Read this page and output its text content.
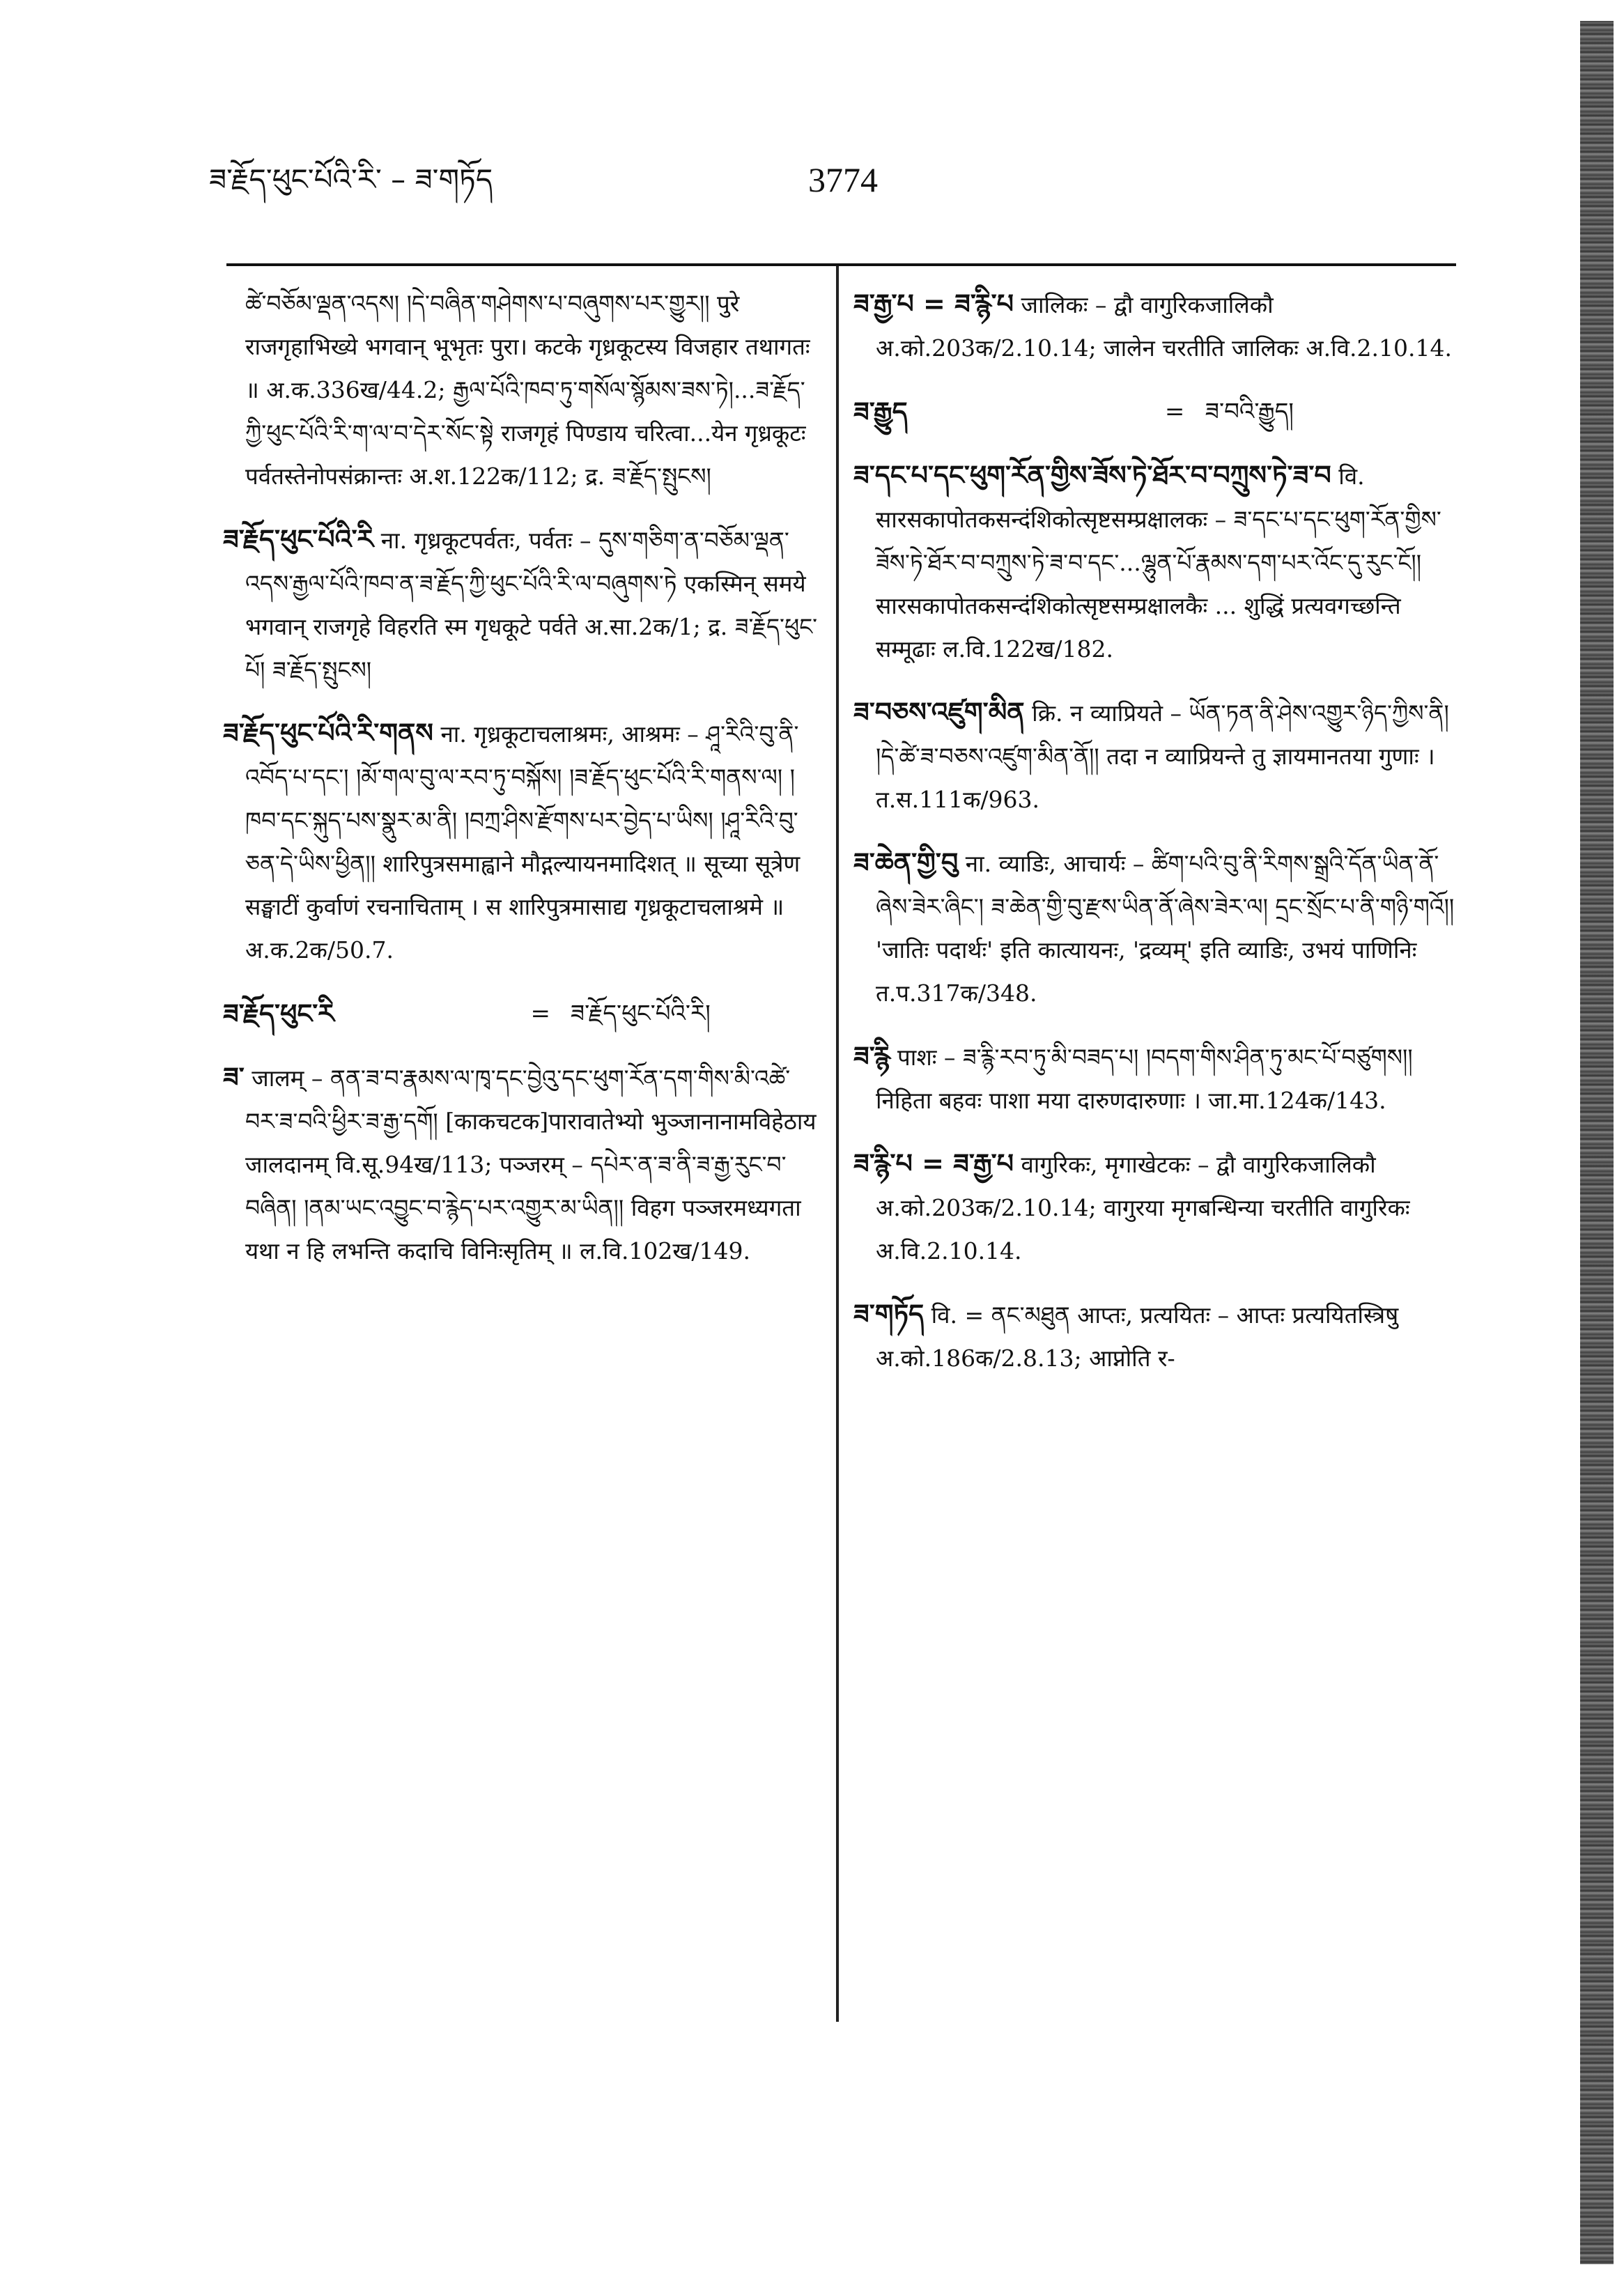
ཟ་རྗོད་ཕུང་པོའི་རི་ – ཟ་གཏོད	3774

ཚེ་བཅོམ་ལྡན་འདས། །དེ་བཞིན་གཤེགས་པ་བཞུགས་པར་གྱུར།། पुरे राजगृहाभिख्ये भगवान् भूभृतः पुरा। कटके गृध्रकूटस्य विजहार तथागतः ॥ अ.क.336ख/44.2; རྒྱལ་པོའི་ཁབ་ཏུ་གསོལ་སྙོམས་ཟས་ཏེ།...ཟ་རྗོད་ཀྱི་ཕུང་པོའི་རི་ག་ལ་བ་དེར་སོང་སྟེ राजगृहं पिण्डाय चरित्वा...येन गृध्रकूटः पर्वतस्तेनोपसंक्रान्तः अ.श.122क/112; द्र. ཟ་རྗོད་སྤུངས།

ཟ་རྗོད་ཕུང་པོའི་རི ना. गृध्रकूटपर्वतः, पर्वतः – དུས་གཅིག་ན་བཅོམ་ལྡན་འདས་རྒྱལ་པོའི་ཁབ་ན་ཟ་རྗོད་ཀྱི་ཕུང་པོའི་རི་ལ་བཞུགས་ཏེ एकस्मिन् समये भगवान् राजगृहे विहरति स्म गृधकूटे पर्वते अ.सा.2क/1; द्र. ཟ་རྗོད་ཕུང་པོ། ཟ་རྗོད་སྤུངས།

ཟ་རྗོད་ཕུང་པོའི་རི་གནས ना. गृध्रकूटाचलाश्रमः, आश्रमः – ཤཱ་རིའི་བུ་ནི་འབོད་པ་དང་། །མོ་གལ་བུ་ལ་རབ་ཏུ་བསྐོས། །ཟ་རྗོད་ཕུང་པོའི་རི་གནས་ལ། །ཁབ་དང་སྐུད་པས་སྣུར་མ་ནི། །བཀྲ་ཤིས་རྫོགས་པར་བྱེད་པ་ཡིས། །ཤཱ་རིའི་བུ་ཅན་དེ་ཡིས་ཕྱིན།། शारिपुत्रसमाह्वाने मौद्गल्यायनमादिशत् ॥ सूच्या सूत्रेण सङ्घाटीं कुर्वाणं रचनाचिताम् । स शारिपुत्रमासाद्य गृध्रकूटाचलाश्रमे ॥ अ.क.2क/50.7.

ཟ་རྗོད་ཕུང་རི	= ཟ་རྗོད་ཕུང་པོའི་རི།

ཟ་ जालम् – ནན་ཟ་བ་རྣམས་ལ་ཁྭ་དང་བྱེའུ་དང་ཕུག་རོན་དག་གིས་མི་འཚེ་བར་ཟ་བའི་ཕྱིར་ཟ་རྒྱ་དགོ། [काकचटक]पारावातेभ्यो भुञ्जानानामविहेठाय जालदानम् वि.सू.94ख/113; पञ्जरम् – དཔེར་ན་ཟ་ནི་ཟ་རྒྱ་རུང་བ་བཞིན། །ནམ་ཡང་འབྱུང་བ་རྙེད་པར་འགྱུར་མ་ཡིན།། विहग पञ्जरमध्यगता यथा न हि लभन्ति कदाचि विनिःसृतिम् ॥ ल.वि.102ख/149.

ཟ་རྒྱ་པ = ཟ་རྙི་པ जालिकः – द्वौ वागुरिकजालिकौ अ.को.203क/2.10.14; जालेन चरतीति जालिकः अ.वि.2.10.14.

ཟ་རྒྱུད	= ཟ་བའི་རྒྱུད།

ཟ་དང་པ་དང་ཕུག་རོན་གྱིས་ཟོས་ཏེ་ཐོར་བ་བཀྲུས་ཏེ་ཟ་བ वि. सारसकापोतकसन्दंशिकोत्सृष्टसम्प्रक्षालकः – ཟ་དང་པ་དང་ཕུག་རོན་གྱིས་ཟོས་ཏེ་ཐོར་བ་བཀྲུས་ཏེ་ཟ་བ་དང་...ལྷུན་པོ་རྣམས་དག་པར་འོང་དུ་རུང་ངོ།། सारसकापोतकसन्दंशिकोत्सृष्टसम्प्रक्षालकैः ... शुद्धिं प्रत्यवगच्छन्ति सम्मूढाः ल.वि.122ख/182.

ཟ་བཅས་འཛུག་མིན क्रि. न व्याप्रियते – ཡོན་ཏན་ནི་ཤེས་འགྱུར་ཉིད་ཀྱིས་ནི། །དེ་ཚེ་ཟ་བཅས་འཛུག་མིན་ནོ།། तदा न व्याप्रियन्ते तु ज्ञायमानतया गुणाः । त.स.111क/963.

ཟ་ཆེན་གྱི་བུ ना. व्याडिः, आचार्यः – ཚིག་པའི་བུ་ནི་རིགས་སྒྲའི་དོན་ཡིན་ནོ་ཞེས་ཟེར་ཞིང་། ཟ་ཆེན་གྱི་བུ་རྫས་ཡིན་ནོ་ཞེས་ཟེར་ལ། དྲང་སྲོང་པ་ནི་གཉི་གའོ།། 'जातिः पदार्थः' इति कात्यायनः, 'द्रव्यम्' इति व्याडिः, उभयं पाणिनिः त.प.317क/348.

ཟ་རྙི पाशः – ཟ་རྙི་རབ་ཏུ་མི་བཟད་པ། །བདག་གིས་ཤིན་ཏུ་མང་པོ་བཙུགས།། निहिता बहवः पाशा मया दारुणदारुणाः । जा.मा.124क/143.

ཟ་རྙི་པ = ཟ་རྒྱ་པ वागुरिकः, मृगाखेटकः – द्वौ वागुरिकजालिकौ अ.को.203क/2.10.14; वागुरया मृगबन्धिन्या चरतीति वागुरिकः अ.वि.2.10.14.

ཟ་གཏོད वि. = ནང་མཐུན आप्तः, प्रत्ययितः – आप्तः प्रत्ययितस्त्रिषु अ.को.186क/2.8.13; आप्नोति र-
